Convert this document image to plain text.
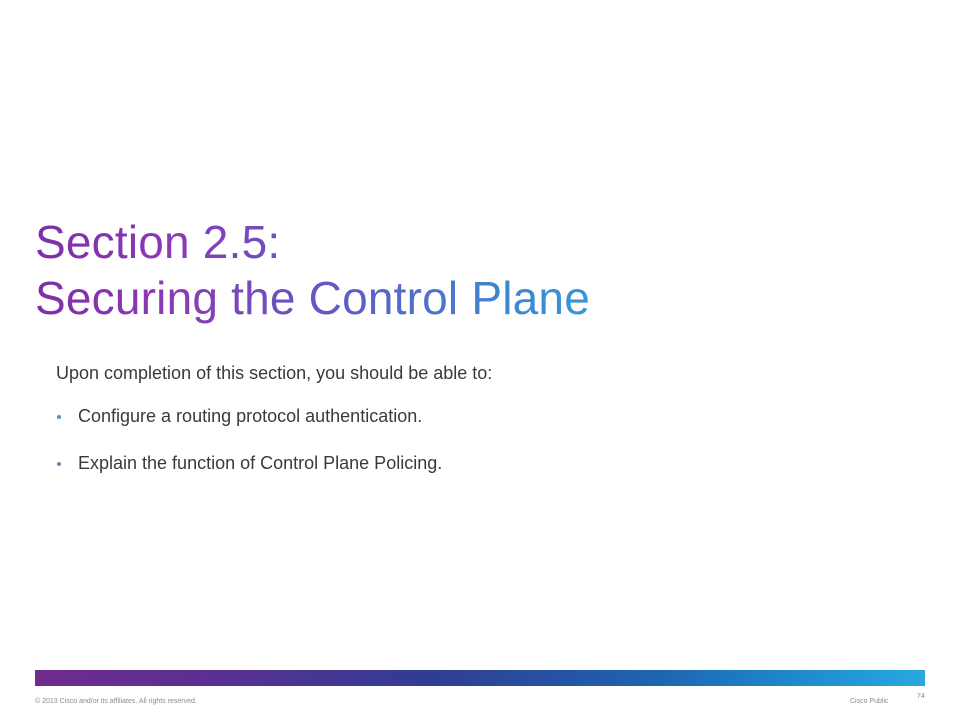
Section 2.5:
Securing the Control Plane
Upon completion of this section, you should be able to:
Configure a routing protocol authentication.
Explain the function of Control Plane Policing.
© 2013 Cisco and/or its affiliates. All rights reserved.	Cisco Public
74
